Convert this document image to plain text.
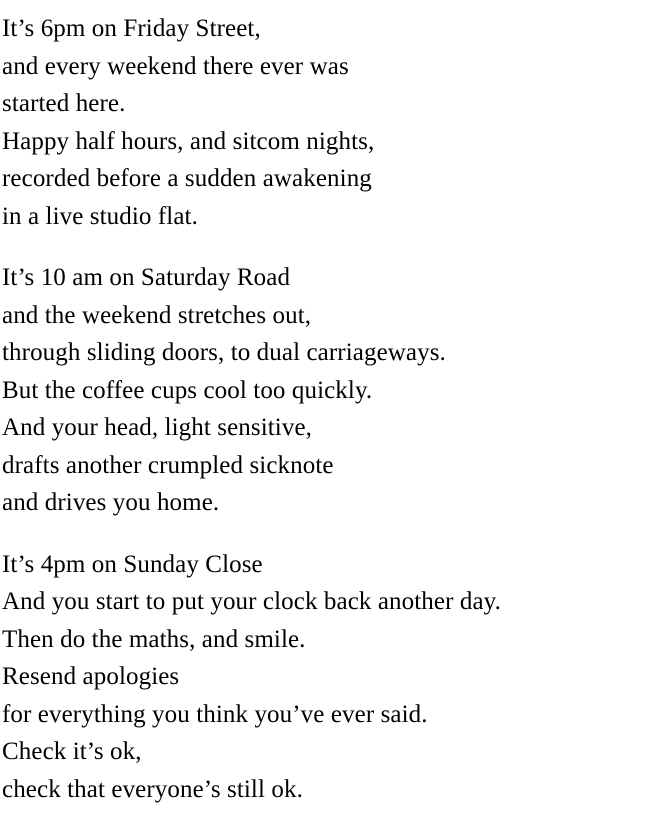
It’s 6pm on Friday Street,
and every weekend there ever was
started here.
Happy half hours, and sitcom nights,
recorded before a sudden awakening
in a live studio flat.
It’s 10 am on Saturday Road
and the weekend stretches out,
through sliding doors, to dual carriageways.
But the coffee cups cool too quickly.
And your head, light sensitive,
drafts another crumpled sicknote
and drives you home.
It’s 4pm on Sunday Close
And you start to put your clock back another day.
Then do the maths, and smile.
Resend apologies
for everything you think you’ve ever said.
Check it’s ok,
check that everyone’s still ok.
